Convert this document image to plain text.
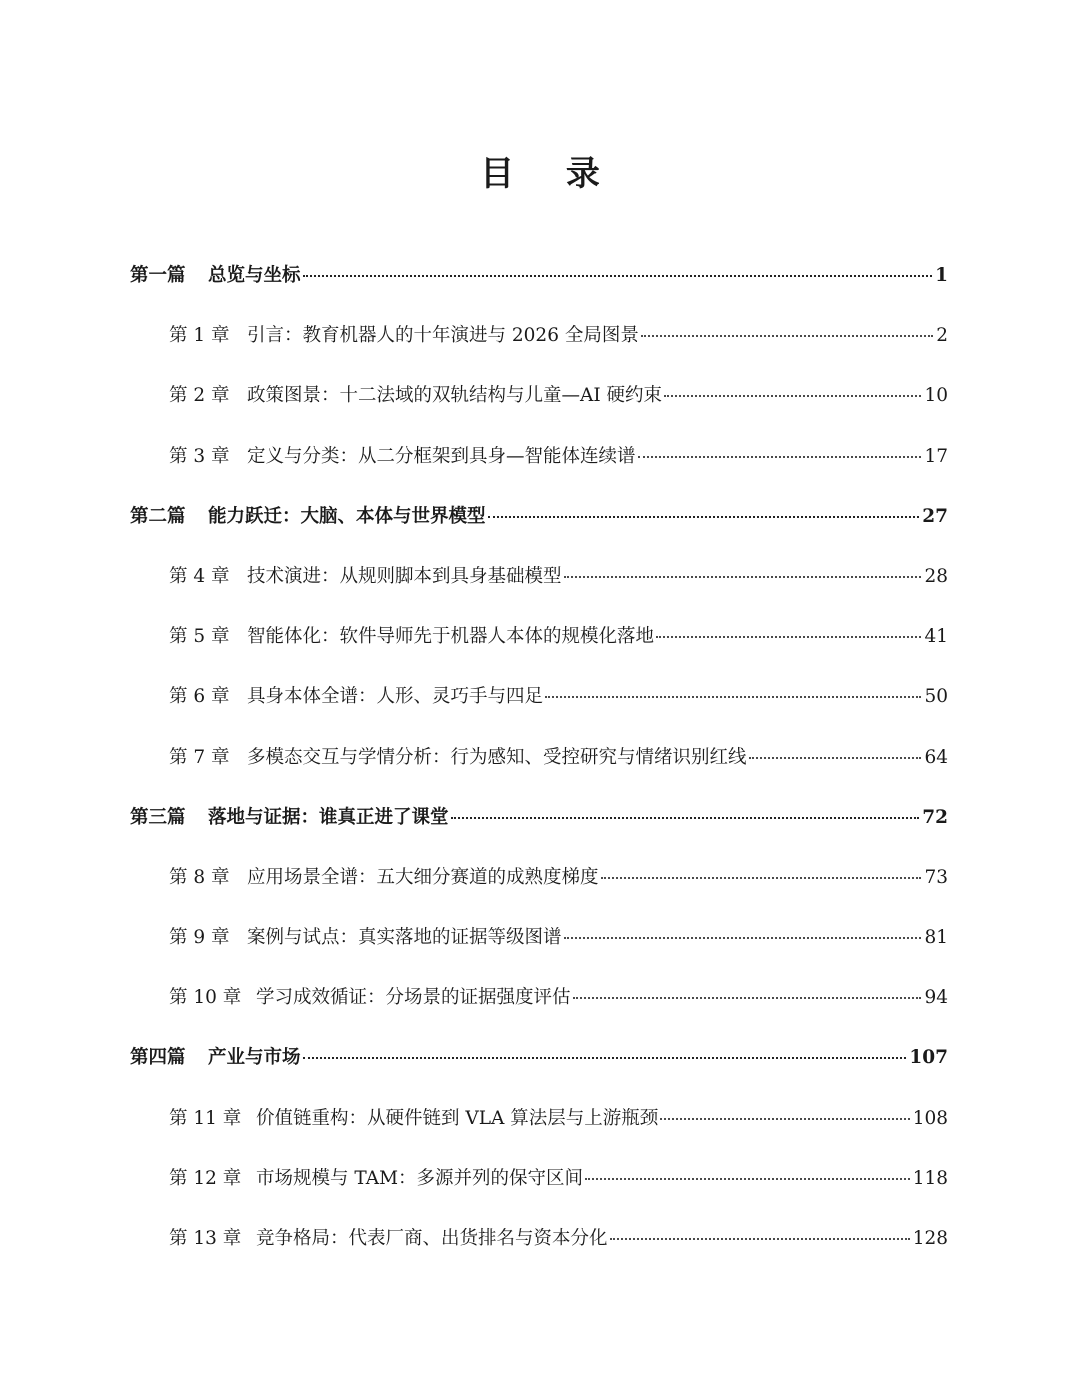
目 录
第一篇	总览与坐标	1
第 1 章 引言：教育机器人的十年演进与 2026 全局图景	2
第 2 章 政策图景：十二法域的双轨结构与儿童—AI 硬约束	10
第 3 章 定义与分类：从二分框架到具身—智能体连续谱	17
第二篇	能力跃迁：大脑、本体与世界模型	27
第 4 章 技术演进：从规则脚本到具身基础模型	28
第 5 章 智能体化：软件导师先于机器人本体的规模化落地	41
第 6 章 具身本体全谱：人形、灵巧手与四足	50
第 7 章 多模态交互与学情分析：行为感知、受控研究与情绪识别红线	64
第三篇	落地与证据：谁真正进了课堂	72
第 8 章 应用场景全谱：五大细分赛道的成熟度梯度	73
第 9 章 案例与试点：真实落地的证据等级图谱	81
第 10 章 学习成效循证：分场景的证据强度评估	94
第四篇	产业与市场	107
第 11 章 价值链重构：从硬件链到 VLA 算法层与上游瓶颈	108
第 12 章 市场规模与 TAM：多源并列的保守区间	118
第 13 章 竞争格局：代表厂商、出货排名与资本分化	128
